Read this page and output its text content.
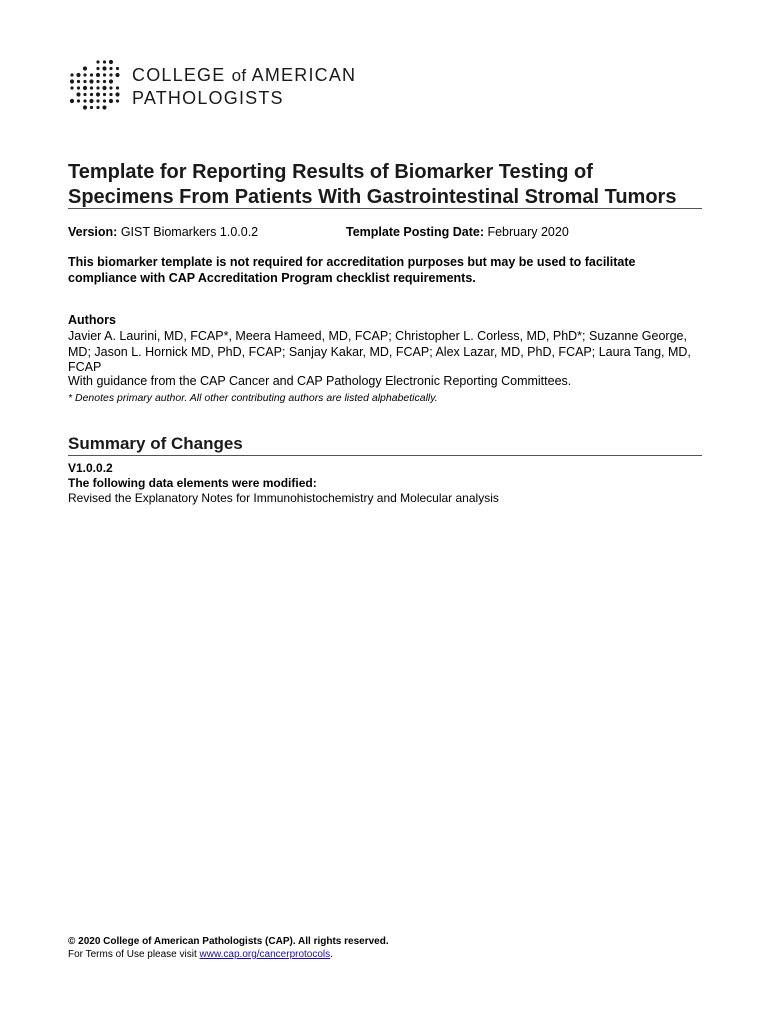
COLLEGE of AMERICAN
PATHOLOGISTS
Template for Reporting Results of Biomarker Testing of
Specimens From Patients With Gastrointestinal Stromal Tumors
Version: GIST Biomarkers 1.0.0.2	Template Posting Date: February 2020
This biomarker template is not required for accreditation purposes but may be used to facilitate compliance with CAP Accreditation Program checklist requirements.
Authors
Javier A. Laurini, MD, FCAP*, Meera Hameed, MD, FCAP; Christopher L. Corless, MD, PhD*; Suzanne George, MD; Jason L. Hornick MD, PhD, FCAP; Sanjay Kakar, MD, FCAP; Alex Lazar, MD, PhD, FCAP; Laura Tang, MD, FCAP
With guidance from the CAP Cancer and CAP Pathology Electronic Reporting Committees.
* Denotes primary author. All other contributing authors are listed alphabetically.
Summary of Changes
V1.0.0.2
The following data elements were modified:
Revised the Explanatory Notes for Immunohistochemistry and Molecular analysis
© 2020 College of American Pathologists (CAP). All rights reserved.
For Terms of Use please visit www.cap.org/cancerprotocols.
